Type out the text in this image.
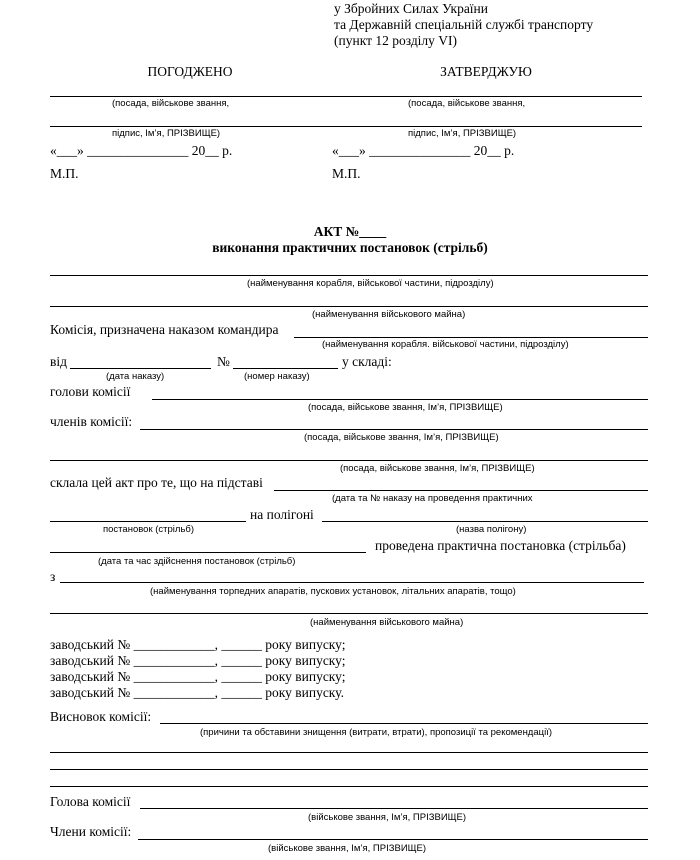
у Збройних Силах України
та Державній спеціальній службі транспорту
(пункт 12 розділу VI)
ПОГОДЖЕНО	ЗАТВЕРДЖУЮ
(посада, військове звання,	(посада, військове звання,
підпис, Ім’я, ПРІЗВИЩЕ)	підпис, Ім’я, ПРІЗВИЩЕ)
«___» _______________ 20__ р.	«___» _______________ 20__ р.
М.П.	М.П.
АКТ №____
виконання практичних постановок (стрільб)
(найменування корабля, військової частини, підрозділу)
(найменування військового майна)
Комісія, призначена наказом командира
(найменування корабля. військової частини, підрозділу)
від	№	у складі:
(дата наказу)	(номер наказу)
голови комісії
(посада, військове звання, Ім’я, ПРІЗВИЩЕ)
членів комісії:
(посада, військове звання, Ім’я, ПРІЗВИЩЕ)
(посада, військове звання, Ім’я, ПРІЗВИЩЕ)
склала цей акт про те, що на підставі
(дата та № наказу на проведення практичних
на полігоні
постановок (стрільб)	(назва полігону)
проведена практична постановка (стрільба)
(дата та час здійснення постановок (стрільб)
з
(найменування торпедних апаратів, пускових установок, літальних апаратів, тощо)
(найменування військового майна)
заводський № ____________, ______ року випуску;
заводський № ____________, ______ року випуску;
заводський № ____________, ______ року випуску;
заводський № ____________, ______ року випуску.
Висновок комісії:
(причини та обставини знищення (витрати, втрати), пропозиції та рекомендації)
Голова комісії
(військове звання, Ім’я, ПРІЗВИЩЕ)
Члени комісії:
(військове звання, Ім’я, ПРІЗВИЩЕ)
